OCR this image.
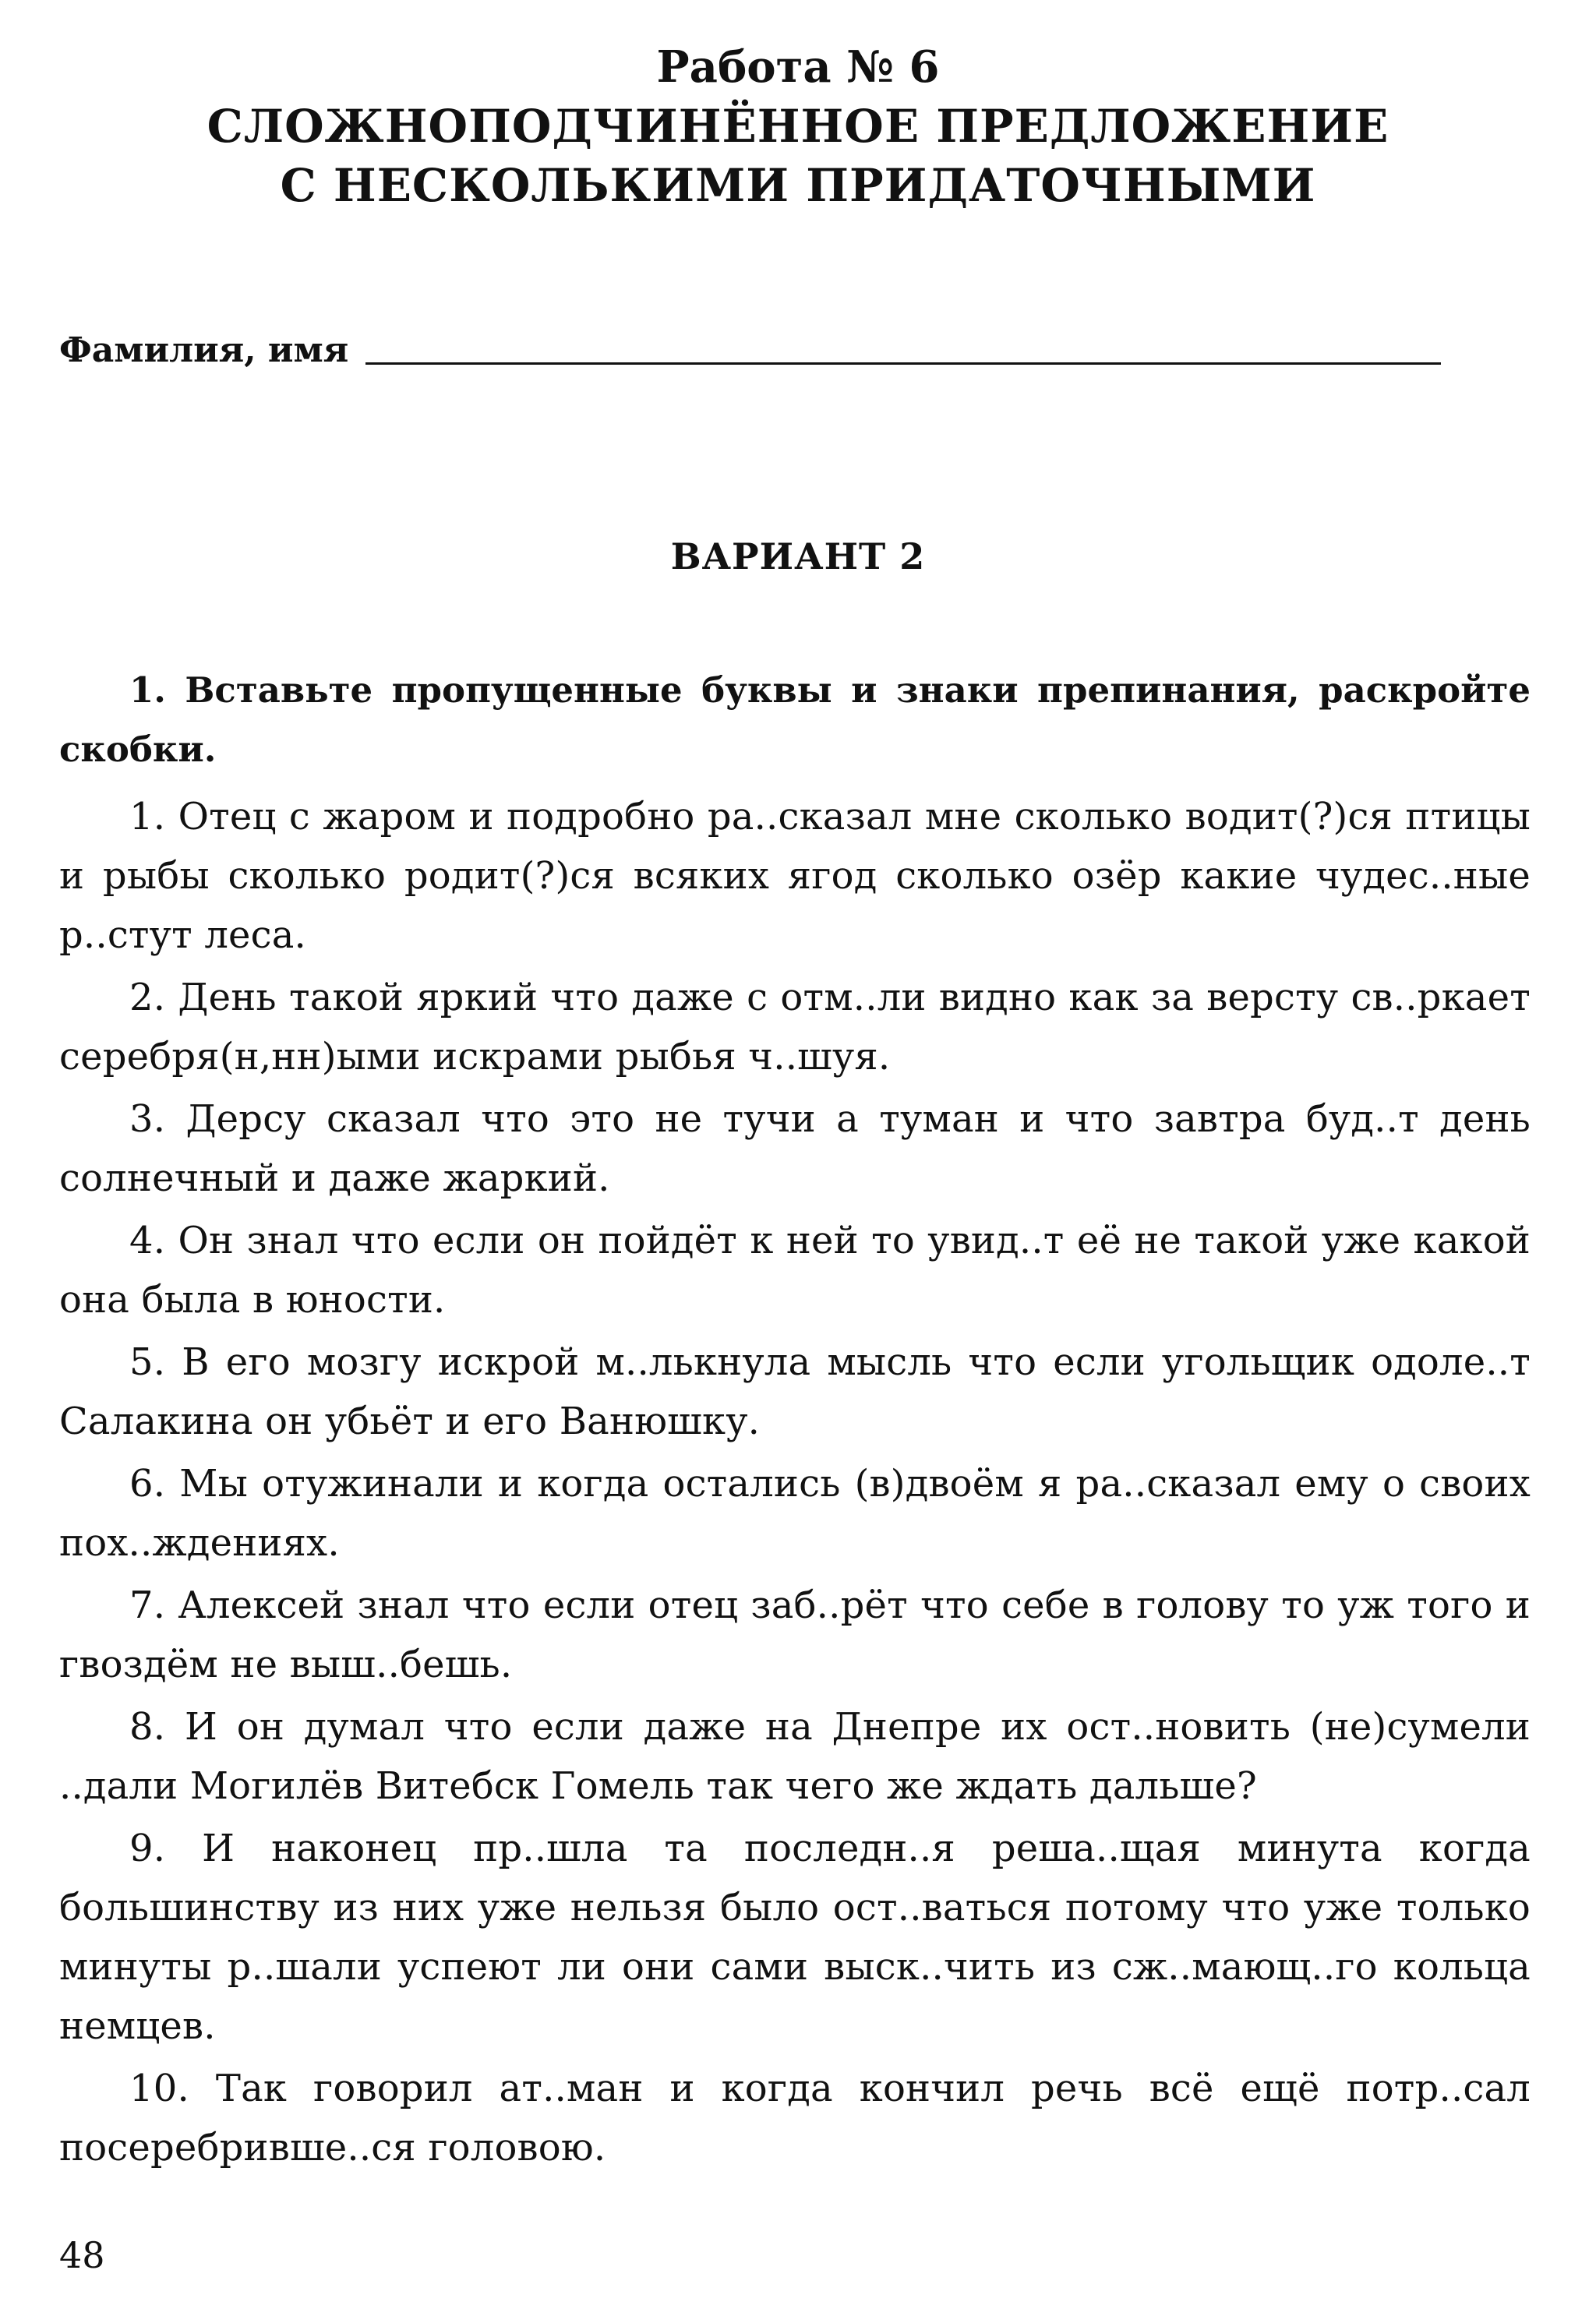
Работа № 6

СЛОЖНОПОДЧИНЁННОЕ ПРЕДЛОЖЕНИЕ

С НЕСКОЛЬКИМИ ПРИДАТОЧНЫМИ

Фамилия, имя
ВАРИАНТ 2
1. Вставьте пропущенные буквы и знаки препинания, раскройте скобки.

1. Отец с жаром и подробно ра..сказал мне сколько водит(?)ся птицы и рыбы сколько родит(?)ся всяких ягод сколько озёр какие чудес..ные р..стут леса.

2. День такой яркий что даже с отм..ли видно как за версту св..ркает серебря(н,нн)ыми искрами рыбья ч..шуя.

3. Дерсу сказал что это не тучи а туман и что завтра буд..т день солнечный и даже жаркий.

4. Он знал что если он пойдёт к ней то увид..т её не такой уже какой она была в юности.

5. В его мозгу искрой м..лькнула мысль что если угольщик одоле..т Салакина он убьёт и его Ванюшку.

6. Мы отужинали и когда остались (в)двоём я ра..сказал ему о своих пох..ждениях.

7. Алексей знал что если отец заб..рёт что себе в голову то уж того и гвоздём не выш..бешь.

8. И он думал что если даже на Днепре их ост..новить (не)сумели ..дали Могилёв Витебск Гомель так чего же ждать дальше?

9. И наконец пр..шла та последн..я реша..щая минута когда большинству из них уже нельзя было ост..ваться потому что уже только минуты р..шали успеют ли они сами выск..чить из сж..мающ..го кольца немцев.

10. Так говорил ат..ман и когда кончил речь всё ещё потр..сал посеребривше..ся головою.

48
